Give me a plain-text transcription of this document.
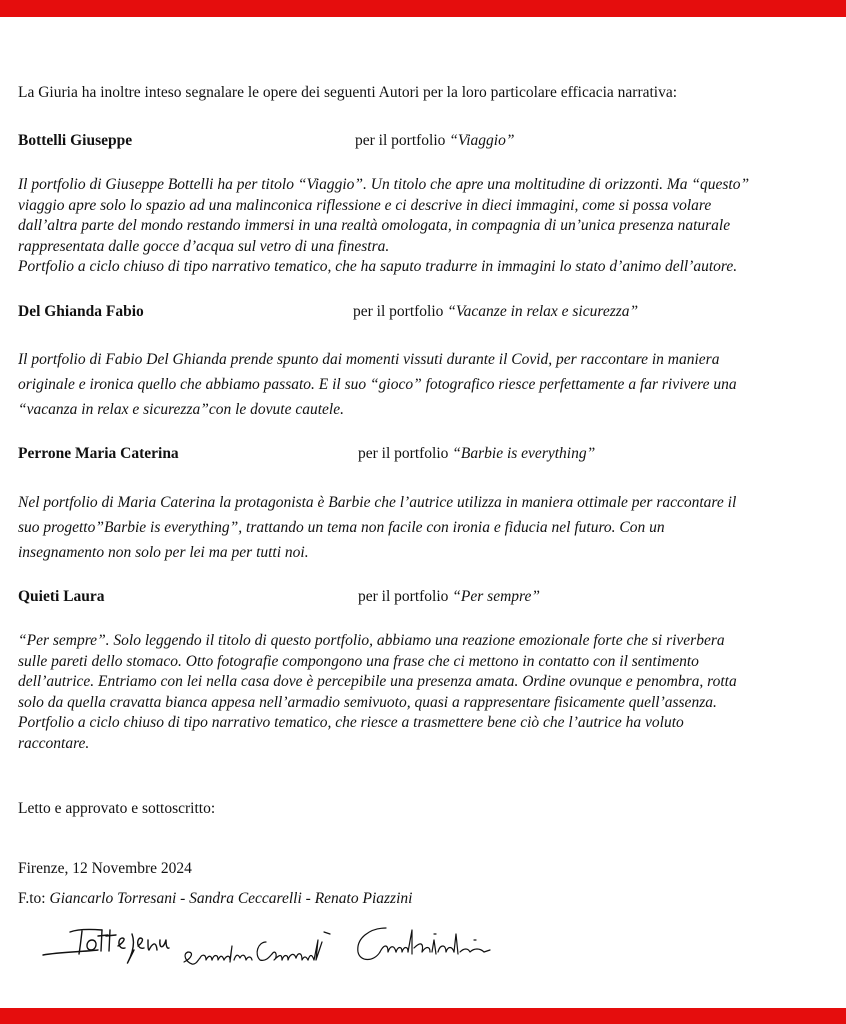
La Giuria ha inoltre inteso segnalare le opere dei seguenti Autori per la loro particolare efficacia narrativa:
Bottelli Giuseppe	per il portfolio “Viaggio”
Il portfolio di Giuseppe Bottelli ha per titolo “Viaggio”. Un titolo che apre una moltitudine di orizzonti. Ma “questo”
viaggio apre solo lo spazio ad una malinconica riflessione e ci descrive in dieci immagini, come si possa volare
dall’altra parte del mondo restando immersi in una realtà omologata, in compagnia di un’unica presenza naturale
rappresentata dalle gocce d’acqua sul vetro di una finestra.
Portfolio a ciclo chiuso di tipo narrativo tematico, che ha saputo tradurre in immagini lo stato d’animo dell’autore.
Del Ghianda Fabio	per il portfolio “Vacanze in relax e sicurezza”
Il portfolio di Fabio Del Ghianda prende spunto dai momenti vissuti durante il Covid, per raccontare in maniera
originale e ironica quello che abbiamo passato. E il suo “gioco” fotografico riesce perfettamente a far rivivere una
“vacanza in relax e sicurezza”con le dovute cautele.
Perrone Maria Caterina	per il portfolio “Barbie is everything”
Nel portfolio di Maria Caterina la protagonista è Barbie che l’autrice utilizza in maniera ottimale per raccontare il
suo progetto”Barbie is everything”, trattando un tema non facile con ironia e fiducia nel futuro. Con un
insegnamento non solo per lei ma per tutti noi.
Quieti Laura	per il portfolio “Per sempre”
“Per sempre”. Solo leggendo il titolo di questo portfolio, abbiamo una reazione emozionale forte che si riverbera
sulle pareti dello stomaco. Otto fotografie compongono una frase che ci mettono in contatto con il sentimento
dell’autrice. Entriamo con lei nella casa dove è percepibile una presenza amata. Ordine ovunque e penombra, rotta
solo da quella cravatta bianca appesa nell’armadio semivuoto, quasi a rappresentare fisicamente quell’assenza.
Portfolio a ciclo chiuso di tipo narrativo tematico, che riesce a trasmettere bene ciò che l’autrice ha voluto
raccontare.
Letto e approvato e sottoscritto:
Firenze, 12 Novembre 2024
F.to: Giancarlo Torresani - Sandra Ceccarelli - Renato Piazzini
